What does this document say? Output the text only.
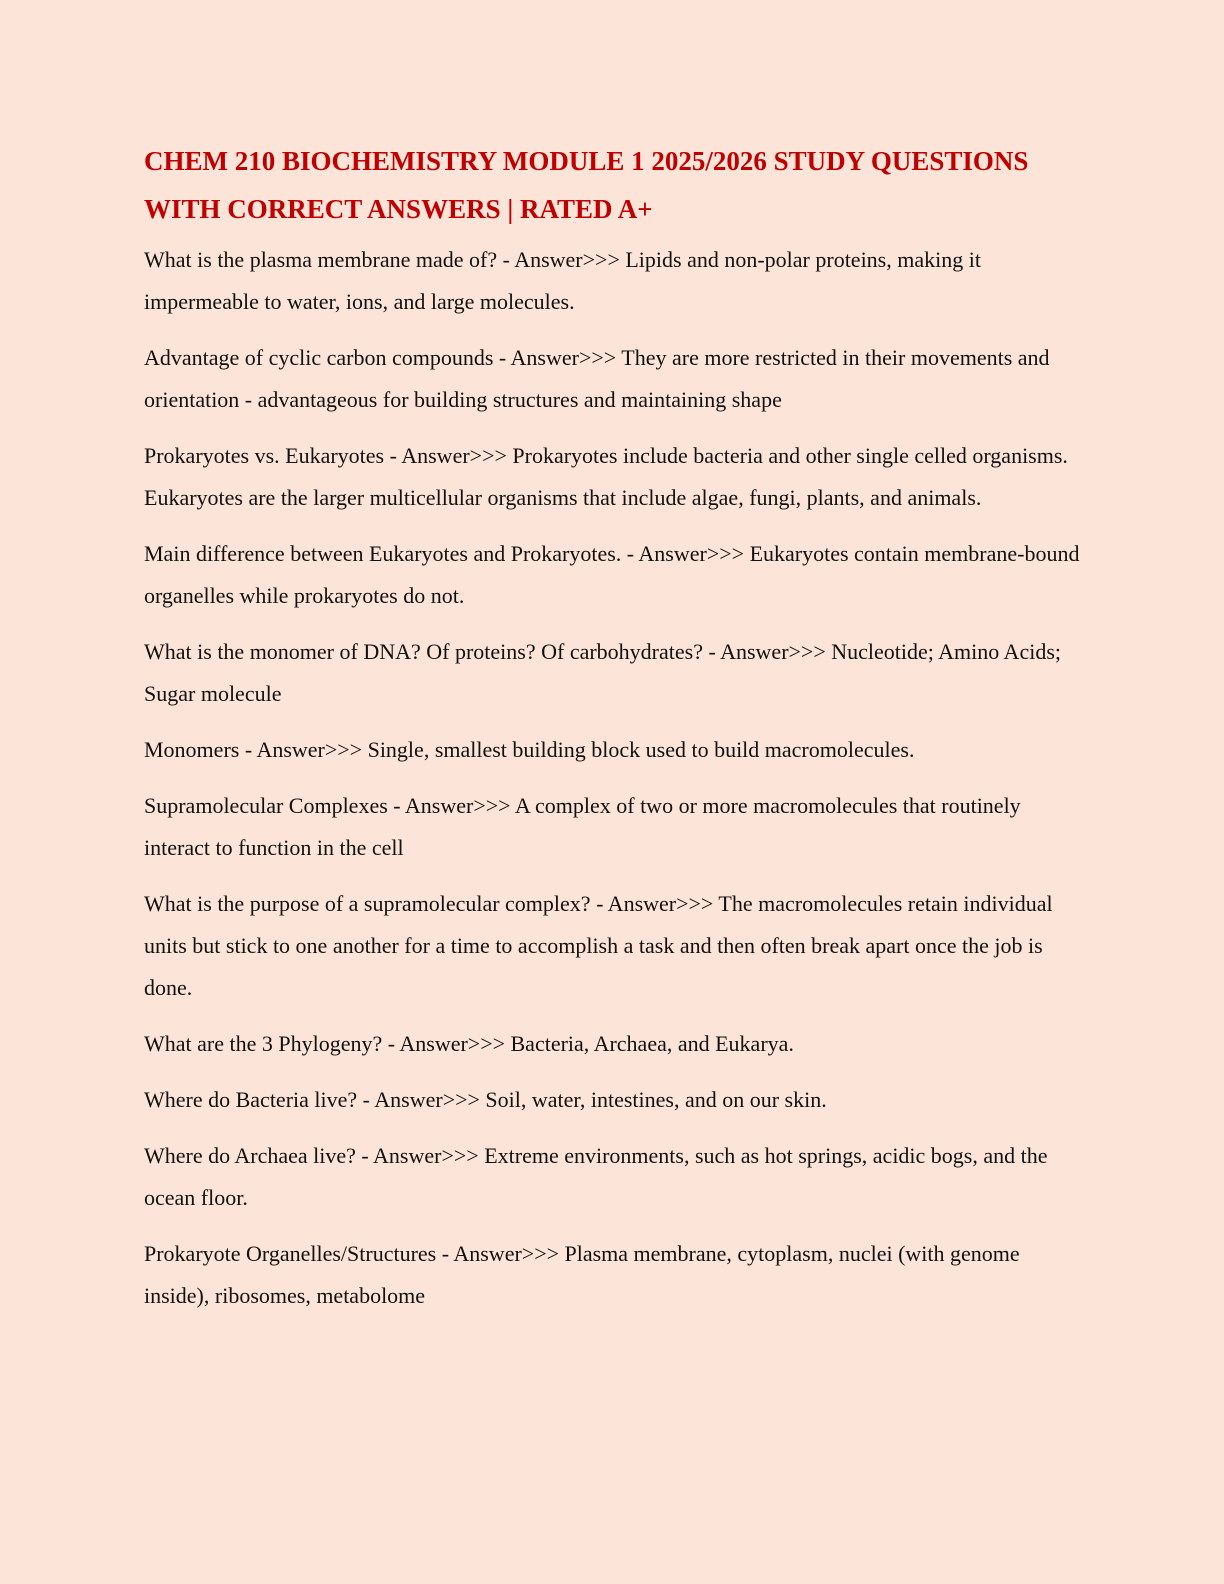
CHEM 210 BIOCHEMISTRY MODULE 1 2025/2026 STUDY QUESTIONS WITH CORRECT ANSWERS | RATED A+

What is the plasma membrane made of? - Answer>>> Lipids and non-polar proteins, making it impermeable to water, ions, and large molecules.

Advantage of cyclic carbon compounds - Answer>>> They are more restricted in their movements and orientation - advantageous for building structures and maintaining shape

Prokaryotes vs. Eukaryotes - Answer>>> Prokaryotes include bacteria and other single celled organisms. Eukaryotes are the larger multicellular organisms that include algae, fungi, plants, and animals.

Main difference between Eukaryotes and Prokaryotes. - Answer>>> Eukaryotes contain membrane-bound organelles while prokaryotes do not.

What is the monomer of DNA? Of proteins? Of carbohydrates? - Answer>>> Nucleotide; Amino Acids; Sugar molecule

Monomers - Answer>>> Single, smallest building block used to build macromolecules.

Supramolecular Complexes - Answer>>> A complex of two or more macromolecules that routinely interact to function in the cell

What is the purpose of a supramolecular complex? - Answer>>> The macromolecules retain individual units but stick to one another for a time to accomplish a task and then often break apart once the job is done.

What are the 3 Phylogeny? - Answer>>> Bacteria, Archaea, and Eukarya.

Where do Bacteria live? - Answer>>> Soil, water, intestines, and on our skin.

Where do Archaea live? - Answer>>> Extreme environments, such as hot springs, acidic bogs, and the ocean floor.

Prokaryote Organelles/Structures - Answer>>> Plasma membrane, cytoplasm, nuclei (with genome inside), ribosomes, metabolome
